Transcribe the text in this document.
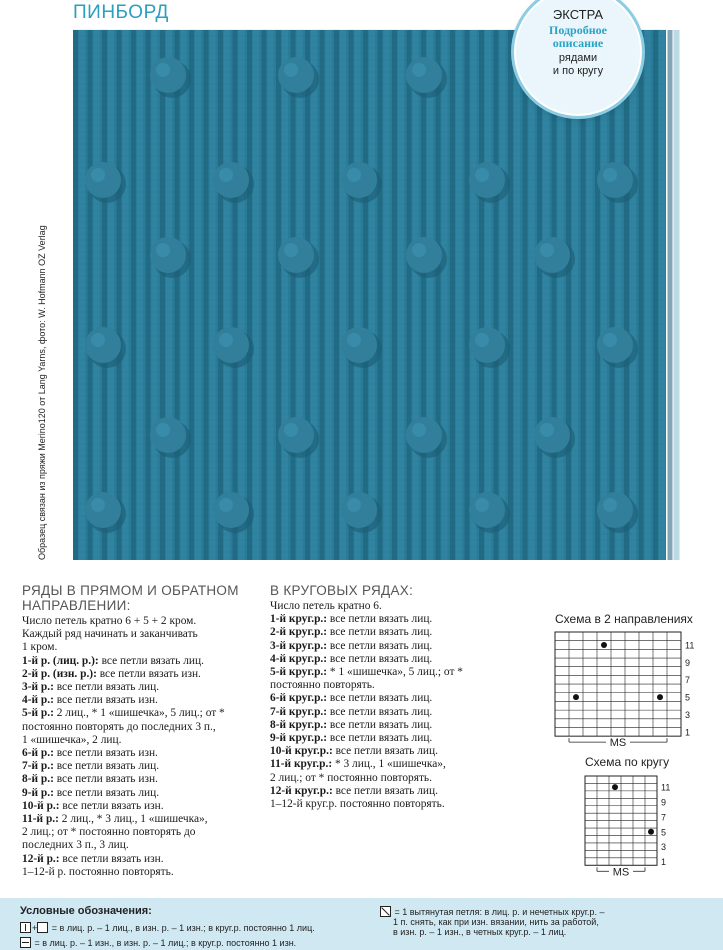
ПИНБОРД
Образец связан из пряжи Merino120 от Lang Yarns, фото: W. Hofmann OZ Verlag
ЭКСТРА
Подробное
описание
рядами
и по кругу
РЯДЫ В ПРЯМОМ И ОБРАТНОМ
НАПРАВЛЕНИИ:
Число петель кратно 6 + 5 + 2 кром.
Каждый ряд начинать и заканчивать
1 кром.
1-й р. (лиц. р.): все петли вязать лиц.
2-й р. (изн. р.): все петли вязать изн.
3-й р.: все петли вязать лиц.
4-й р.: все петли вязать изн.
5-й р.: 2 лиц., * 1 «шишечка», 5 лиц.; от *
постоянно повторять до последних 3 п.,
1 «шишечка», 2 лиц.
6-й р.: все петли вязать изн.
7-й р.: все петли вязать лиц.
8-й р.: все петли вязать изн.
9-й р.: все петли вязать лиц.
10-й р.: все петли вязать изн.
11-й р.: 2 лиц., * 3 лиц., 1 «шишечка»,
2 лиц.; от * постоянно повторять до
последних 3 п., 3 лиц.
12-й р.: все петли вязать изн.
1–12-й р. постоянно повторять.
В КРУГОВЫХ РЯДАХ:
Число петель кратно 6.
1-й круг.р.: все петли вязать лиц.
2-й круг.р.: все петли вязать лиц.
3-й круг.р.: все петли вязать лиц.
4-й круг.р.: все петли вязать лиц.
5-й круг.р.: * 1 «шишечка», 5 лиц.; от *
постоянно повторять.
6-й круг.р.: все петли вязать лиц.
7-й круг.р.: все петли вязать лиц.
8-й круг.р.: все петли вязать лиц.
9-й круг.р.: все петли вязать лиц.
10-й круг.р.: все петли вязать лиц.
11-й круг.р.: * 3 лиц., 1 «шишечка»,
2 лиц.; от * постоянно повторять.
12-й круг.р.: все петли вязать лиц.
1–12-й круг.р. постоянно повторять.
Схема в 2 направлениях
11
9
7
5
3
1
MS
Схема по кругу
11
9
7
5
3
1
MS
Условные обозначения:
+ = в лиц. р. – 1 лиц., в изн. р. – 1 изн.; в круг.р. постоянно 1 лиц.
= в лиц. р. – 1 изн., в изн. р. – 1 лиц.; в круг.р. постоянно 1 изн.
= 1 вытянутая петля: в лиц. р. и нечетных круг.р. –
1 п. снять, как при изн. вязании, нить за работой,
в изн. р. – 1 изн., в четных круг.р. – 1 лиц.
